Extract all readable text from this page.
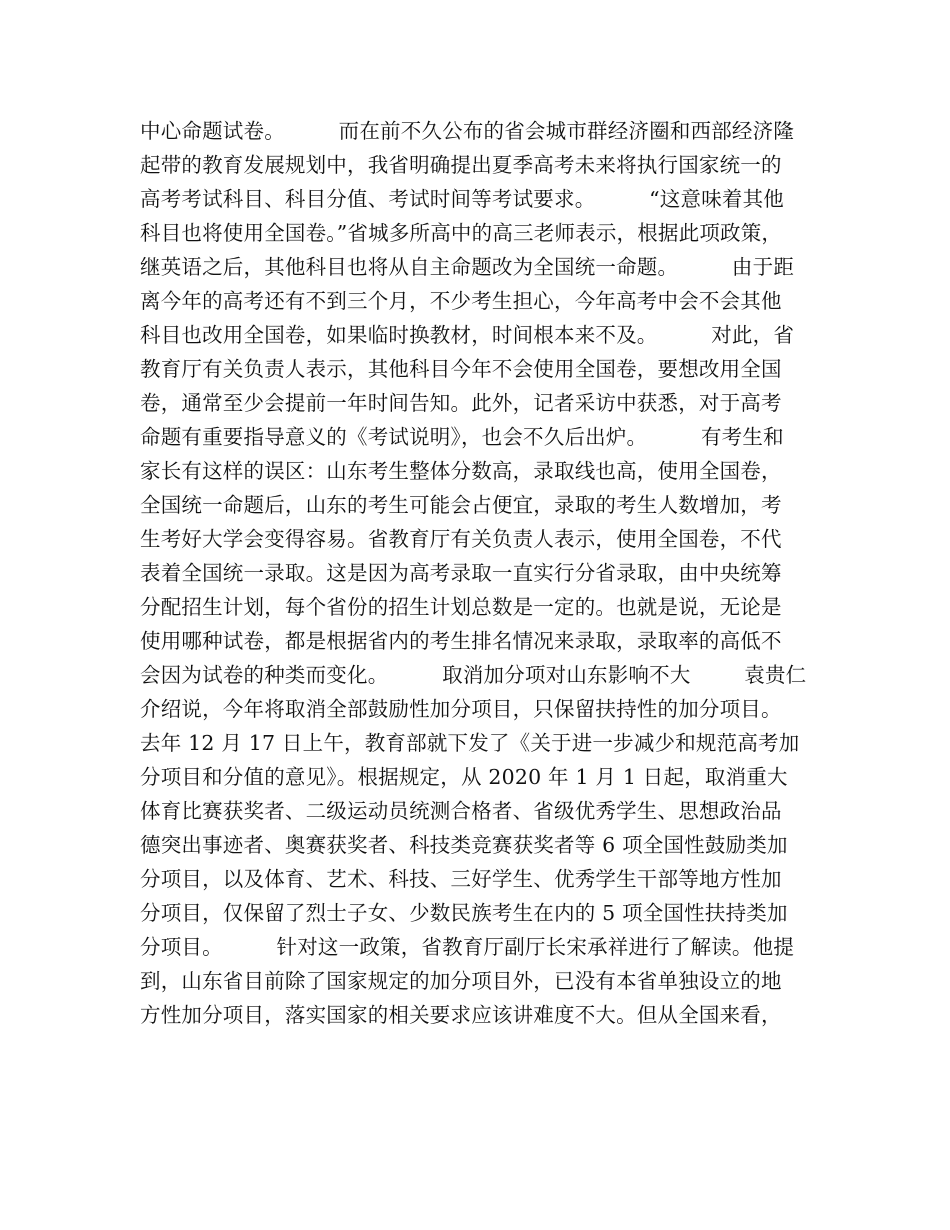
中心命题试卷。        而在前不久公布的省会城市群经济圈和西部经济隆
起带的教育发展规划中，我省明确提出夏季高考未来将执行国家统一的
高考考试科目、科目分值、考试时间等考试要求。        “这意味着其他
科目也将使用全国卷。”省城多所高中的高三老师表示，根据此项政策，
继英语之后，其他科目也将从自主命题改为全国统一命题。        由于距
离今年的高考还有不到三个月，不少考生担心，今年高考中会不会其他
科目也改用全国卷，如果临时换教材，时间根本来不及。        对此，省
教育厅有关负责人表示，其他科目今年不会使用全国卷，要想改用全国
卷，通常至少会提前一年时间告知。此外，记者采访中获悉，对于高考
命题有重要指导意义的《考试说明》，也会不久后出炉。        有考生和
家长有这样的误区：山东考生整体分数高，录取线也高，使用全国卷，
全国统一命题后，山东的考生可能会占便宜，录取的考生人数增加，考
生考好大学会变得容易。省教育厅有关负责人表示，使用全国卷，不代
表着全国统一录取。这是因为高考录取一直实行分省录取，由中央统筹
分配招生计划，每个省份的招生计划总数是一定的。也就是说，无论是
使用哪种试卷，都是根据省内的考生排名情况来录取，录取率的高低不
会因为试卷的种类而变化。        取消加分项对山东影响不大        袁贵仁
介绍说，今年将取消全部鼓励性加分项目，只保留扶持性的加分项目。
去年 12 月 17 日上午，教育部就下发了《关于进一步减少和规范高考加
分项目和分值的意见》。根据规定，从 2020 年 1 月 1 日起，取消重大
体育比赛获奖者、二级运动员统测合格者、省级优秀学生、思想政治品
德突出事迹者、奥赛获奖者、科技类竞赛获奖者等 6 项全国性鼓励类加
分项目，以及体育、艺术、科技、三好学生、优秀学生干部等地方性加
分项目，仅保留了烈士子女、少数民族考生在内的 5 项全国性扶持类加
分项目。        针对这一政策，省教育厅副厅长宋承祥进行了解读。他提
到，山东省目前除了国家规定的加分项目外，已没有本省单独设立的地
方性加分项目，落实国家的相关要求应该讲难度不大。但从全国来看，
